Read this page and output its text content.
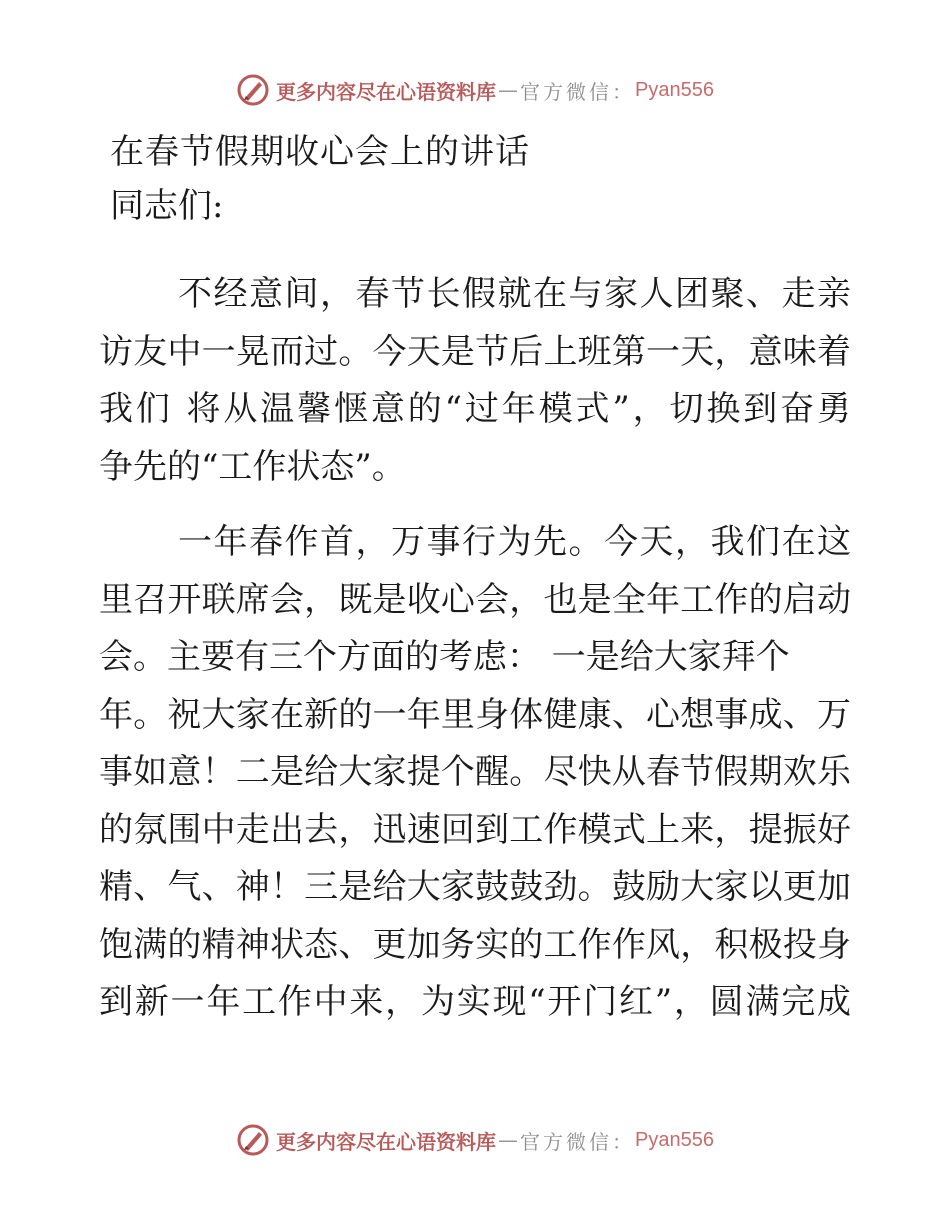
更多内容尽在心语资料库 — 官方微信： Pyan556
在春节假期收心会上的讲话

同志们:

不经意间，春节长假就在与家人团聚、走亲
访友中一晃而过。今天是节后上班第一天，意味着
我们 将从温馨惬意的“过年模式”，切换到奋勇
争先的“工作状态”。
一年春作首，万事行为先。今天，我们在这
里召开联席会，既是收心会，也是全年工作的启动
会。主要有三个方面的考虑： 一是给大家拜个
年。祝大家在新的一年里身体健康、心想事成、万
事如意！二是给大家提个醒。尽快从春节假期欢乐
的氛围中走出去，迅速回到工作模式上来，提振好
精、气、神！三是给大家鼓鼓劲。鼓励大家以更加
饱满的精神状态、更加务实的工作作风，积极投身
到新一年工作中来，为实现“开门红”，圆满完成
更多内容尽在心语资料库 — 官方微信： Pyan556
